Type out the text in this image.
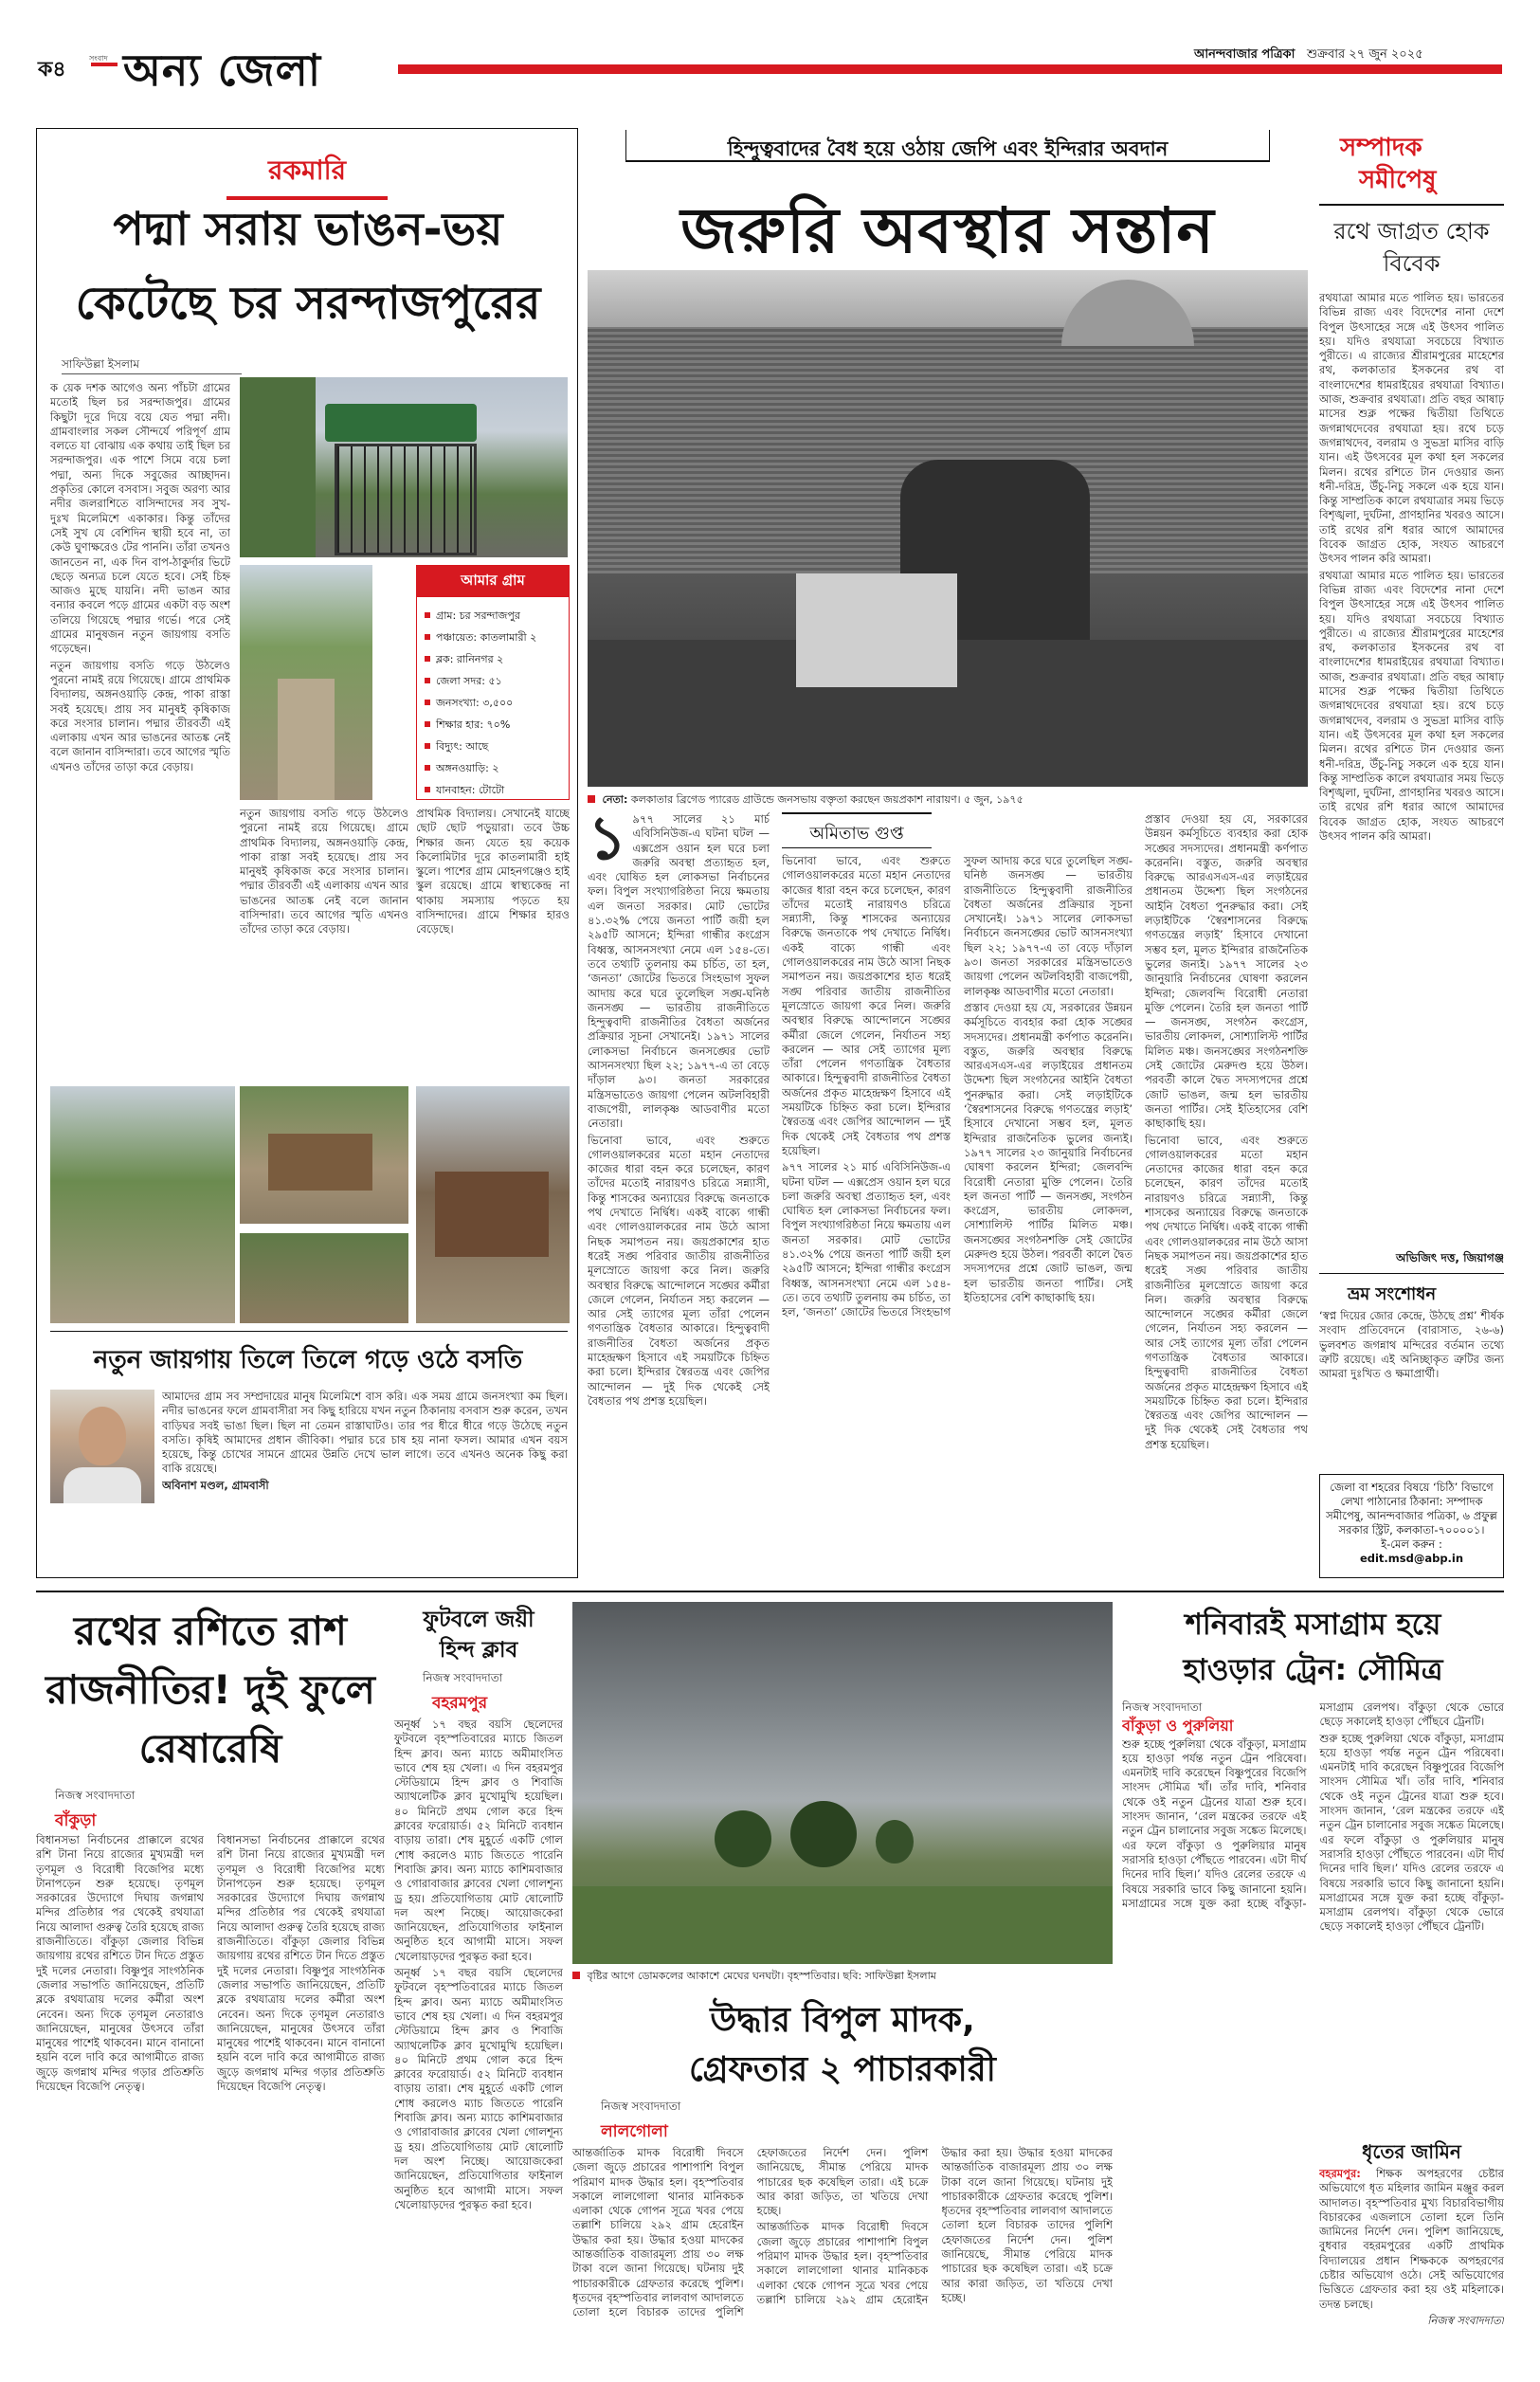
ক৪	সংবাদ অন্য জেলা	আনন্দবাজার পত্রিকা শুক্রবার ২৭ জুন ২০২৫
রকমারি
পদ্মা সরায় ভাঙন-ভয়
কেটেছে চর সরন্দাজপুরের
সাফিউল্লা ইসলাম

ক য়েক দশক আগেও অন্য পাঁচটা গ্রামের মতোই ছিল চর সরন্দাজপুর। গ্রামের কিছুটা দূরে দিয়ে বয়ে যেত পদ্মা নদী। গ্রামবাংলার সকল সৌন্দর্যে পরিপূর্ণ গ্রাম বলতে যা বোঝায় এক কথায় তাই ছিল চর সরন্দাজপুর। এক পাশে সিমে বয়ে চলা পদ্মা, অন্য দিকে সবুজের আচ্ছাদন। প্রকৃতির কোলে বসবাস। সবুজ অরণ্য আর নদীর জলরাশিতে বাসিন্দাদের সব সুখ-দুঃখ মিলেমিশে একাকার। কিন্তু তাঁদের সেই সুখ যে বেশিদিন স্থায়ী হবে না, তা কেউ ঘুণাক্ষরেও টের পাননি। তাঁরা তখনও জানতেন না, এক দিন বাপ-ঠাকুর্দার ভিটে ছেড়ে অন্যত্র চলে যেতে হবে। সেই চিহ্ন আজও মুছে যায়নি। নদী ভাঙন আর বন্যার কবলে পড়ে গ্রামের একটা বড় অংশ তলিয়ে গিয়েছে পদ্মার গর্ভে। পরে সেই গ্রামের মানুষজন নতুন জায়গায় বসতি গড়েছেন।

নতুন জায়গায় বসতি গড়ে উঠলেও পুরনো নামই রয়ে গিয়েছে। গ্রামে প্রাথমিক বিদ্যালয়, অঙ্গনওয়াড়ি কেন্দ্র, পাকা রাস্তা সবই হয়েছে। প্রায় সব মানুষই কৃষিকাজ করে সংসার চালান। পদ্মার তীরবর্তী এই এলাকায় এখন আর ভাঙনের আতঙ্ক নেই বলে জানান বাসিন্দারা। তবে আগের স্মৃতি এখনও তাঁদের তাড়া করে বেড়ায়।

প্রাথমিক বিদ্যালয়। সেখানেই যাচ্ছে ছোট ছোট পড়ুয়ারা। তবে উচ্চ শিক্ষার জন্য যেতে হয় কয়েক কিলোমিটার দূরে কাতলামারী হাই স্কুলে। পাশের গ্রাম মোহনগঞ্জেও হাই স্কুল রয়েছে। গ্রামে স্বাস্থ্যকেন্দ্র না থাকায় সমস্যায় পড়তে হয় বাসিন্দাদের। গ্রামে শিক্ষার হারও বেড়েছে।

নতুন জায়গায় বসতি গড়ে উঠলেও পুরনো নামই রয়ে গিয়েছে। গ্রামে প্রাথমিক বিদ্যালয়, অঙ্গনওয়াড়ি কেন্দ্র, পাকা রাস্তা সবই হয়েছে। প্রায় সব মানুষই কৃষিকাজ করে সংসার চালান। পদ্মার তীরবর্তী এই এলাকায় এখন আর ভাঙনের আতঙ্ক নেই বলে জানান বাসিন্দারা। তবে আগের স্মৃতি এখনও তাঁদের তাড়া করে বেড়ায়।

আমার গ্রাম
গ্রাম: চর সরন্দাজপুর
পঞ্চায়েত: কাতলামারী ২
ব্লক: রানিনগর ২
জেলা সদর: ৫১
জনসংখ্যা: ৩,৫০০
শিক্ষার হার: ৭০%
বিদ্যুৎ: আছে
অঙ্গনওয়াড়ি: ২
যানবাহন: টোটো
নতুন জায়গায় তিলে তিলে গড়ে ওঠে বসতি

আমাদের গ্রাম সব সম্প্রদায়ের মানুষ মিলেমিশে বাস করি। এক সময় গ্রামে জনসংখ্যা কম ছিল। নদীর ভাঙনের ফলে গ্রামবাসীরা সব কিছু হারিয়ে যখন নতুন ঠিকানায় বসবাস শুরু করেন, তখন বাড়িঘর সবই ভাঙা ছিল। ছিল না তেমন রাস্তাঘাটও। তার পর ধীরে ধীরে গড়ে উঠেছে নতুন বসতি। কৃষিই আমাদের প্রধান জীবিকা। পদ্মার চরে চাষ হয় নানা ফসল। আমার এখন বয়স হয়েছে, কিন্তু চোখের সামনে গ্রামের উন্নতি দেখে ভাল লাগে। তবে এখনও অনেক কিছু করা বাকি রয়েছে।

অবিনাশ মণ্ডল, গ্রামবাসী

হিন্দুত্ববাদের বৈধ হয়ে ওঠায় জেপি এবং ইন্দিরার অবদান
জরুরি অবস্থার সন্তান
নেতা: কলকাতার ব্রিগেড প্যারেড গ্রাউন্ডে জনসভায় বক্তৃতা করছেন জয়প্রকাশ নারায়ণ। ৫ জুন, ১৯৭৫
১ ৯৭৭ সালের ২১ মার্চ এবিসিনিউজ-এ ঘটনা ঘটল — এক্সপ্রেস ওয়ান হল ঘরে চলা জরুরি অবস্থা প্রত্যাহৃত হল, এবং ঘোষিত হল লোকসভা নির্বাচনের ফল। বিপুল সংখ্যাগরিষ্ঠতা নিয়ে ক্ষমতায় এল জনতা সরকার। মোট ভোটের ৪১.৩২% পেয়ে জনতা পার্টি জয়ী হল ২৯৫টি আসনে; ইন্দিরা গান্ধীর কংগ্রেস বিধ্বস্ত, আসনসংখ্যা নেমে এল ১৫৪-তে। তবে তথ্যটি তুলনায় কম চর্চিত, তা হল, ‘জনতা’ জোটের ভিতরে সিংহভাগ সুফল আদায় করে ঘরে তুলেছিল সঙ্ঘ-ঘনিষ্ঠ জনসঙ্ঘ — ভারতীয় রাজনীতিতে হিন্দুত্ববাদী রাজনীতির বৈধতা অর্জনের প্রক্রিয়ার সূচনা সেখানেই। ১৯৭১ সালের লোকসভা নির্বাচনে জনসঙ্ঘের ভোট আসনসংখ্যা ছিল ২২; ১৯৭৭-এ তা বেড়ে দাঁড়াল ৯৩। জনতা সরকারের মন্ত্রিসভাতেও জায়গা পেলেন অটলবিহারী বাজপেয়ী, লালকৃষ্ণ আডবাণীর মতো নেতারা।

ভিনোবা ভাবে, এবং শুরুতে গোলওয়ালকরের মতো মহান নেতাদের কাজের ধারা বহন করে চলেছেন, কারণ তাঁদের মতোই নারায়ণও চরিত্রে সন্ন্যাসী, কিন্তু শাসকের অন্যায়ের বিরুদ্ধে জনতাকে পথ দেখাতে নির্দ্বিধ। একই বাক্যে গান্ধী এবং গোলওয়ালকরের নাম উঠে আসা নিছক সমাপতন নয়। জয়প্রকাশের হাত ধরেই সঙ্ঘ পরিবার জাতীয় রাজনীতির মূলস্রোতে জায়গা করে নিল। জরুরি অবস্থার বিরুদ্ধে আন্দোলনে সঙ্ঘের কর্মীরা জেলে গেলেন, নির্যাতন সহ্য করলেন — আর সেই ত্যাগের মূল্য তাঁরা পেলেন গণতান্ত্রিক বৈধতার আকারে। হিন্দুত্ববাদী রাজনীতির বৈধতা অর্জনের প্রকৃত মাহেন্দ্রক্ষণ হিসাবে এই সময়টিকে চিহ্নিত করা চলে। ইন্দিরার স্বৈরতন্ত্র এবং জেপির আন্দোলন — দুই দিক থেকেই সেই বৈধতার পথ প্রশস্ত হয়েছিল।

অমিতাভ গুপ্ত

ভিনোবা ভাবে, এবং শুরুতে গোলওয়ালকরের মতো মহান নেতাদের কাজের ধারা বহন করে চলেছেন, কারণ তাঁদের মতোই নারায়ণও চরিত্রে সন্ন্যাসী, কিন্তু শাসকের অন্যায়ের বিরুদ্ধে জনতাকে পথ দেখাতে নির্দ্বিধ। একই বাক্যে গান্ধী এবং গোলওয়ালকরের নাম উঠে আসা নিছক সমাপতন নয়। জয়প্রকাশের হাত ধরেই সঙ্ঘ পরিবার জাতীয় রাজনীতির মূলস্রোতে জায়গা করে নিল। জরুরি অবস্থার বিরুদ্ধে আন্দোলনে সঙ্ঘের কর্মীরা জেলে গেলেন, নির্যাতন সহ্য করলেন — আর সেই ত্যাগের মূল্য তাঁরা পেলেন গণতান্ত্রিক বৈধতার আকারে। হিন্দুত্ববাদী রাজনীতির বৈধতা অর্জনের প্রকৃত মাহেন্দ্রক্ষণ হিসাবে এই সময়টিকে চিহ্নিত করা চলে। ইন্দিরার স্বৈরতন্ত্র এবং জেপির আন্দোলন — দুই দিক থেকেই সেই বৈধতার পথ প্রশস্ত হয়েছিল।

৯৭৭ সালের ২১ মার্চ এবিসিনিউজ-এ ঘটনা ঘটল — এক্সপ্রেস ওয়ান হল ঘরে চলা জরুরি অবস্থা প্রত্যাহৃত হল, এবং ঘোষিত হল লোকসভা নির্বাচনের ফল। বিপুল সংখ্যাগরিষ্ঠতা নিয়ে ক্ষমতায় এল জনতা সরকার। মোট ভোটের ৪১.৩২% পেয়ে জনতা পার্টি জয়ী হল ২৯৫টি আসনে; ইন্দিরা গান্ধীর কংগ্রেস বিধ্বস্ত, আসনসংখ্যা নেমে এল ১৫৪-তে। তবে তথ্যটি তুলনায় কম চর্চিত, তা হল, ‘জনতা’ জোটের ভিতরে সিংহভাগ সুফল আদায় করে ঘরে তুলেছিল সঙ্ঘ-ঘনিষ্ঠ জনসঙ্ঘ — ভারতীয় রাজনীতিতে হিন্দুত্ববাদী রাজনীতির বৈধতা অর্জনের প্রক্রিয়ার সূচনা সেখানেই। ১৯৭১ সালের লোকসভা নির্বাচনে জনসঙ্ঘের ভোট আসনসংখ্যা ছিল ২২; ১৯৭৭-এ তা বেড়ে দাঁড়াল ৯৩। জনতা সরকারের মন্ত্রিসভাতেও জায়গা পেলেন অটলবিহারী বাজপেয়ী, লালকৃষ্ণ আডবাণীর মতো নেতারা।

প্রস্তাব দেওয়া হয় যে, সরকারের উন্নয়ন কর্মসূচিতে ব্যবহার করা হোক সঙ্ঘের সদস্যদের। প্রধানমন্ত্রী কর্ণপাত করেননি। বস্তুত, জরুরি অবস্থার বিরুদ্ধে আরএসএস-এর লড়াইয়ের প্রধানতম উদ্দেশ্য ছিল সংগঠনের আইনি বৈধতা পুনরুদ্ধার করা। সেই লড়াইটিকে ‘স্বৈরশাসনের বিরুদ্ধে গণতন্ত্রের লড়াই’ হিসাবে দেখানো সম্ভব হল, মূলত ইন্দিরার রাজনৈতিক ভুলের জন্যই। ১৯৭৭ সালের ২৩ জানুয়ারি নির্বাচনের ঘোষণা করলেন ইন্দিরা; জেলবন্দি বিরোধী নেতারা মুক্তি পেলেন। তৈরি হল জনতা পার্টি — জনসঙ্ঘ, সংগঠন কংগ্রেস, ভারতীয় লোকদল, সোশ্যালিস্ট পার্টির মিলিত মঞ্চ। জনসঙ্ঘের সংগঠনশক্তি সেই জোটের মেরুদণ্ড হয়ে উঠল। পরবর্তী কালে দ্বৈত সদস্যপদের প্রশ্নে জোট ভাঙল, জন্ম হল ভারতীয় জনতা পার্টির। সেই ইতিহাসের বেশি কাছাকাছি হয়।

প্রস্তাব দেওয়া হয় যে, সরকারের উন্নয়ন কর্মসূচিতে ব্যবহার করা হোক সঙ্ঘের সদস্যদের। প্রধানমন্ত্রী কর্ণপাত করেননি। বস্তুত, জরুরি অবস্থার বিরুদ্ধে আরএসএস-এর লড়াইয়ের প্রধানতম উদ্দেশ্য ছিল সংগঠনের আইনি বৈধতা পুনরুদ্ধার করা। সেই লড়াইটিকে ‘স্বৈরশাসনের বিরুদ্ধে গণতন্ত্রের লড়াই’ হিসাবে দেখানো সম্ভব হল, মূলত ইন্দিরার রাজনৈতিক ভুলের জন্যই। ১৯৭৭ সালের ২৩ জানুয়ারি নির্বাচনের ঘোষণা করলেন ইন্দিরা; জেলবন্দি বিরোধী নেতারা মুক্তি পেলেন। তৈরি হল জনতা পার্টি — জনসঙ্ঘ, সংগঠন কংগ্রেস, ভারতীয় লোকদল, সোশ্যালিস্ট পার্টির মিলিত মঞ্চ। জনসঙ্ঘের সংগঠনশক্তি সেই জোটের মেরুদণ্ড হয়ে উঠল। পরবর্তী কালে দ্বৈত সদস্যপদের প্রশ্নে জোট ভাঙল, জন্ম হল ভারতীয় জনতা পার্টির। সেই ইতিহাসের বেশি কাছাকাছি হয়।

ভিনোবা ভাবে, এবং শুরুতে গোলওয়ালকরের মতো মহান নেতাদের কাজের ধারা বহন করে চলেছেন, কারণ তাঁদের মতোই নারায়ণও চরিত্রে সন্ন্যাসী, কিন্তু শাসকের অন্যায়ের বিরুদ্ধে জনতাকে পথ দেখাতে নির্দ্বিধ। একই বাক্যে গান্ধী এবং গোলওয়ালকরের নাম উঠে আসা নিছক সমাপতন নয়। জয়প্রকাশের হাত ধরেই সঙ্ঘ পরিবার জাতীয় রাজনীতির মূলস্রোতে জায়গা করে নিল। জরুরি অবস্থার বিরুদ্ধে আন্দোলনে সঙ্ঘের কর্মীরা জেলে গেলেন, নির্যাতন সহ্য করলেন — আর সেই ত্যাগের মূল্য তাঁরা পেলেন গণতান্ত্রিক বৈধতার আকারে। হিন্দুত্ববাদী রাজনীতির বৈধতা অর্জনের প্রকৃত মাহেন্দ্রক্ষণ হিসাবে এই সময়টিকে চিহ্নিত করা চলে। ইন্দিরার স্বৈরতন্ত্র এবং জেপির আন্দোলন — দুই দিক থেকেই সেই বৈধতার পথ প্রশস্ত হয়েছিল।

সম্পাদক
সমীপেষু
রথে জাগ্রত হোক বিবেক

রথযাত্রা আমার মতে পালিত হয়। ভারতের বিভিন্ন রাজ্য এবং বিদেশের নানা দেশে বিপুল উৎসাহের সঙ্গে এই উৎসব পালিত হয়। যদিও রথযাত্রা সবচেয়ে বিখ্যাত পুরীতে। এ রাজ্যের শ্রীরামপুরের মাহেশের রথ, কলকাতার ইসকনের রথ বা বাংলাদেশের ধামরাইয়ের রথযাত্রা বিখ্যাত। আজ, শুক্রবার রথযাত্রা। প্রতি বছর আষাঢ় মাসের শুক্ল পক্ষের দ্বিতীয়া তিথিতে জগন্নাথদেবের রথযাত্রা হয়। রথে চড়ে জগন্নাথদেব, বলরাম ও সুভদ্রা মাসির বাড়ি যান। এই উৎসবের মূল কথা হল সকলের মিলন। রথের রশিতে টান দেওয়ার জন্য ধনী-দরিদ্র, উঁচু-নিচু সকলে এক হয়ে যান। কিন্তু সাম্প্রতিক কালে রথযাত্রার সময় ভিড়ে বিশৃঙ্খলা, দুর্ঘটনা, প্রাণহানির খবরও আসে। তাই রথের রশি ধরার আগে আমাদের বিবেক জাগ্রত হোক, সংযত আচরণে উৎসব পালন করি আমরা।

রথযাত্রা আমার মতে পালিত হয়। ভারতের বিভিন্ন রাজ্য এবং বিদেশের নানা দেশে বিপুল উৎসাহের সঙ্গে এই উৎসব পালিত হয়। যদিও রথযাত্রা সবচেয়ে বিখ্যাত পুরীতে। এ রাজ্যের শ্রীরামপুরের মাহেশের রথ, কলকাতার ইসকনের রথ বা বাংলাদেশের ধামরাইয়ের রথযাত্রা বিখ্যাত। আজ, শুক্রবার রথযাত্রা। প্রতি বছর আষাঢ় মাসের শুক্ল পক্ষের দ্বিতীয়া তিথিতে জগন্নাথদেবের রথযাত্রা হয়। রথে চড়ে জগন্নাথদেব, বলরাম ও সুভদ্রা মাসির বাড়ি যান। এই উৎসবের মূল কথা হল সকলের মিলন। রথের রশিতে টান দেওয়ার জন্য ধনী-দরিদ্র, উঁচু-নিচু সকলে এক হয়ে যান। কিন্তু সাম্প্রতিক কালে রথযাত্রার সময় ভিড়ে বিশৃঙ্খলা, দুর্ঘটনা, প্রাণহানির খবরও আসে। তাই রথের রশি ধরার আগে আমাদের বিবেক জাগ্রত হোক, সংযত আচরণে উৎসব পালন করি আমরা।

অভিজিৎ দত্ত, জিয়াগঞ্জ
ভ্রম সংশোধন

‘স্বপ্ন দিয়ের জোর কেন্দ্রে, উঠছে প্রশ্ন’ শীর্ষক সংবাদ প্রতিবেদনে (বারাসাত, ২৬-৬) ভুলবশত জগন্নাথ মন্দিরের বর্তমান তথ্যে ত্রুটি রয়েছে। এই অনিচ্ছাকৃত ত্রুটির জন্য আমরা দুঃখিত ও ক্ষমাপ্রার্থী।

জেলা বা শহরের বিষয়ে ‘চিঠি’ বিভাগে লেখা পাঠানোর ঠিকানা: সম্পাদক সমীপেষু, আনন্দবাজার পত্রিকা, ৬ প্রফুল্ল সরকার স্ট্রিট, কলকাতা-৭০০০০১।
ই-মেল করুন :
edit.msd@abp.in
রথের রশিতে রাশ রাজনীতির! দুই ফুলে রেষারেষি
নিজস্ব সংবাদদাতা
বাঁকুড়া

বিধানসভা নির্বাচনের প্রাক্কালে রথের রশি টানা নিয়ে রাজ্যের মুখ্যমন্ত্রী দল তৃণমূল ও বিরোধী বিজেপির মধ্যে টানাপড়েন শুরু হয়েছে। তৃণমূল সরকারের উদ্যোগে দিঘায় জগন্নাথ মন্দির প্রতিষ্ঠার পর থেকেই রথযাত্রা নিয়ে আলাদা গুরুত্ব তৈরি হয়েছে রাজ্য রাজনীতিতে। বাঁকুড়া জেলার বিভিন্ন জায়গায় রথের রশিতে টান দিতে প্রস্তুত দুই দলের নেতারা। বিষ্ণুপুর সাংগঠনিক জেলার সভাপতি জানিয়েছেন, প্রতিটি ব্লকে রথযাত্রায় দলের কর্মীরা অংশ নেবেন। অন্য দিকে তৃণমূল নেতারাও জানিয়েছেন, মানুষের উৎসবে তাঁরা মানুষের পাশেই থাকবেন। মানে বানানো হয়নি বলে দাবি করে আগামীতে রাজ্য জুড়ে জগন্নাথ মন্দির গড়ার প্রতিশ্রুতি দিয়েছেন বিজেপি নেতৃত্ব।

বিধানসভা নির্বাচনের প্রাক্কালে রথের রশি টানা নিয়ে রাজ্যের মুখ্যমন্ত্রী দল তৃণমূল ও বিরোধী বিজেপির মধ্যে টানাপড়েন শুরু হয়েছে। তৃণমূল সরকারের উদ্যোগে দিঘায় জগন্নাথ মন্দির প্রতিষ্ঠার পর থেকেই রথযাত্রা নিয়ে আলাদা গুরুত্ব তৈরি হয়েছে রাজ্য রাজনীতিতে। বাঁকুড়া জেলার বিভিন্ন জায়গায় রথের রশিতে টান দিতে প্রস্তুত দুই দলের নেতারা। বিষ্ণুপুর সাংগঠনিক জেলার সভাপতি জানিয়েছেন, প্রতিটি ব্লকে রথযাত্রায় দলের কর্মীরা অংশ নেবেন। অন্য দিকে তৃণমূল নেতারাও জানিয়েছেন, মানুষের উৎসবে তাঁরা মানুষের পাশেই থাকবেন। মানে বানানো হয়নি বলে দাবি করে আগামীতে রাজ্য জুড়ে জগন্নাথ মন্দির গড়ার প্রতিশ্রুতি দিয়েছেন বিজেপি নেতৃত্ব।

ফুটবলে জয়ী
হিন্দ ক্লাব
নিজস্ব সংবাদদাতা
বহরমপুর

অনূর্ধ্ব ১৭ বছর বয়সি ছেলেদের ফুটবলে বৃহস্পতিবারের ম্যাচে জিতল হিন্দ ক্লাব। অন্য ম্যাচে অমীমাংসিত ভাবে শেষ হয় খেলা। এ দিন বহরমপুর স্টেডিয়ামে হিন্দ ক্লাব ও শিবাজি অ্যাথলেটিক ক্লাব মুখোমুখি হয়েছিল। ৪০ মিনিটে প্রথম গোল করে হিন্দ ক্লাবের ফরোয়ার্ড। ৫২ মিনিটে ব্যবধান বাড়ায় তারা। শেষ মুহূর্তে একটি গোল শোধ করলেও ম্যাচ জিততে পারেনি শিবাজি ক্লাব। অন্য ম্যাচে কাশিমবাজার ও গোরাবাজার ক্লাবের খেলা গোলশূন্য ড্র হয়। প্রতিযোগিতায় মোট ষোলোটি দল অংশ নিচ্ছে। আয়োজকেরা জানিয়েছেন, প্রতিযোগিতার ফাইনাল অনুষ্ঠিত হবে আগামী মাসে। সফল খেলোয়াড়দের পুরস্কৃত করা হবে।

অনূর্ধ্ব ১৭ বছর বয়সি ছেলেদের ফুটবলে বৃহস্পতিবারের ম্যাচে জিতল হিন্দ ক্লাব। অন্য ম্যাচে অমীমাংসিত ভাবে শেষ হয় খেলা। এ দিন বহরমপুর স্টেডিয়ামে হিন্দ ক্লাব ও শিবাজি অ্যাথলেটিক ক্লাব মুখোমুখি হয়েছিল। ৪০ মিনিটে প্রথম গোল করে হিন্দ ক্লাবের ফরোয়ার্ড। ৫২ মিনিটে ব্যবধান বাড়ায় তারা। শেষ মুহূর্তে একটি গোল শোধ করলেও ম্যাচ জিততে পারেনি শিবাজি ক্লাব। অন্য ম্যাচে কাশিমবাজার ও গোরাবাজার ক্লাবের খেলা গোলশূন্য ড্র হয়। প্রতিযোগিতায় মোট ষোলোটি দল অংশ নিচ্ছে। আয়োজকেরা জানিয়েছেন, প্রতিযোগিতার ফাইনাল অনুষ্ঠিত হবে আগামী মাসে। সফল খেলোয়াড়দের পুরস্কৃত করা হবে।

বৃষ্টির আগে ডোমকলের আকাশে মেঘের ঘনঘটা। বৃহস্পতিবার। ছবি: সাফিউল্লা ইসলাম
উদ্ধার বিপুল মাদক,
গ্রেফতার ২ পাচারকারী
নিজস্ব সংবাদদাতা
লালগোলা

আন্তর্জাতিক মাদক বিরোধী দিবসে জেলা জুড়ে প্রচারের পাশাপাশি বিপুল পরিমাণ মাদক উদ্ধার হল। বৃহস্পতিবার সকালে লালগোলা থানার মানিকচক এলাকা থেকে গোপন সূত্রে খবর পেয়ে তল্লাশি চালিয়ে ২৯২ গ্রাম হেরোইন উদ্ধার করা হয়। উদ্ধার হওয়া মাদকের আন্তর্জাতিক বাজারমূল্য প্রায় ৩০ লক্ষ টাকা বলে জানা গিয়েছে। ঘটনায় দুই পাচারকারীকে গ্রেফতার করেছে পুলিশ। ধৃতদের বৃহস্পতিবার লালবাগ আদালতে তোলা হলে বিচারক তাদের পুলিশি হেফাজতের নির্দেশ দেন। পুলিশ জানিয়েছে, সীমান্ত পেরিয়ে মাদক পাচারের ছক কষেছিল তারা। এই চক্রে আর কারা জড়িত, তা খতিয়ে দেখা হচ্ছে।

আন্তর্জাতিক মাদক বিরোধী দিবসে জেলা জুড়ে প্রচারের পাশাপাশি বিপুল পরিমাণ মাদক উদ্ধার হল। বৃহস্পতিবার সকালে লালগোলা থানার মানিকচক এলাকা থেকে গোপন সূত্রে খবর পেয়ে তল্লাশি চালিয়ে ২৯২ গ্রাম হেরোইন উদ্ধার করা হয়। উদ্ধার হওয়া মাদকের আন্তর্জাতিক বাজারমূল্য প্রায় ৩০ লক্ষ টাকা বলে জানা গিয়েছে। ঘটনায় দুই পাচারকারীকে গ্রেফতার করেছে পুলিশ। ধৃতদের বৃহস্পতিবার লালবাগ আদালতে তোলা হলে বিচারক তাদের পুলিশি হেফাজতের নির্দেশ দেন। পুলিশ জানিয়েছে, সীমান্ত পেরিয়ে মাদক পাচারের ছক কষেছিল তারা। এই চক্রে আর কারা জড়িত, তা খতিয়ে দেখা হচ্ছে।

শনিবারই মসাগ্রাম হয়ে
হাওড়ার ট্রেন: সৌমিত্র
নিজস্ব সংবাদদাতা
বাঁকুড়া ও পুরুলিয়া

শুরু হচ্ছে পুরুলিয়া থেকে বাঁকুড়া, মসাগ্রাম হয়ে হাওড়া পর্যন্ত নতুন ট্রেন পরিষেবা। এমনটাই দাবি করেছেন বিষ্ণুপুরের বিজেপি সাংসদ সৌমিত্র খাঁ। তাঁর দাবি, শনিবার থেকে ওই নতুন ট্রেনের যাত্রা শুরু হবে। সাংসদ জানান, ‘রেল মন্ত্রকের তরফে এই নতুন ট্রেন চালানোর সবুজ সঙ্কেত মিলেছে। এর ফলে বাঁকুড়া ও পুরুলিয়ার মানুষ সরাসরি হাওড়া পৌঁছতে পারবেন। এটা দীর্ঘ দিনের দাবি ছিল।’ যদিও রেলের তরফে এ বিষয়ে সরকারি ভাবে কিছু জানানো হয়নি। মসাগ্রামের সঙ্গে যুক্ত করা হচ্ছে বাঁকুড়া-মসাগ্রাম রেলপথ। বাঁকুড়া থেকে ভোরে ছেড়ে সকালেই হাওড়া পৌঁছবে ট্রেনটি।

শুরু হচ্ছে পুরুলিয়া থেকে বাঁকুড়া, মসাগ্রাম হয়ে হাওড়া পর্যন্ত নতুন ট্রেন পরিষেবা। এমনটাই দাবি করেছেন বিষ্ণুপুরের বিজেপি সাংসদ সৌমিত্র খাঁ। তাঁর দাবি, শনিবার থেকে ওই নতুন ট্রেনের যাত্রা শুরু হবে। সাংসদ জানান, ‘রেল মন্ত্রকের তরফে এই নতুন ট্রেন চালানোর সবুজ সঙ্কেত মিলেছে। এর ফলে বাঁকুড়া ও পুরুলিয়ার মানুষ সরাসরি হাওড়া পৌঁছতে পারবেন। এটা দীর্ঘ দিনের দাবি ছিল।’ যদিও রেলের তরফে এ বিষয়ে সরকারি ভাবে কিছু জানানো হয়নি। মসাগ্রামের সঙ্গে যুক্ত করা হচ্ছে বাঁকুড়া-মসাগ্রাম রেলপথ। বাঁকুড়া থেকে ভোরে ছেড়ে সকালেই হাওড়া পৌঁছবে ট্রেনটি।

ধৃতের জামিন

বহরমপুর: শিক্ষক অপহরণের চেষ্টার অভিযোগে ধৃত মহিলার জামিন মঞ্জুর করল আদালত। বৃহস্পতিবার মুখ্য বিচারবিভাগীয় বিচারকের এজলাসে তোলা হলে তিনি জামিনের নির্দেশ দেন। পুলিশ জানিয়েছে, বুধবার বহরমপুরের একটি প্রাথমিক বিদ্যালয়ের প্রধান শিক্ষককে অপহরণের চেষ্টার অভিযোগ ওঠে। সেই অভিযোগের ভিত্তিতে গ্রেফতার করা হয় ওই মহিলাকে। তদন্ত চলছে।

নিজস্ব সংবাদদাতা
